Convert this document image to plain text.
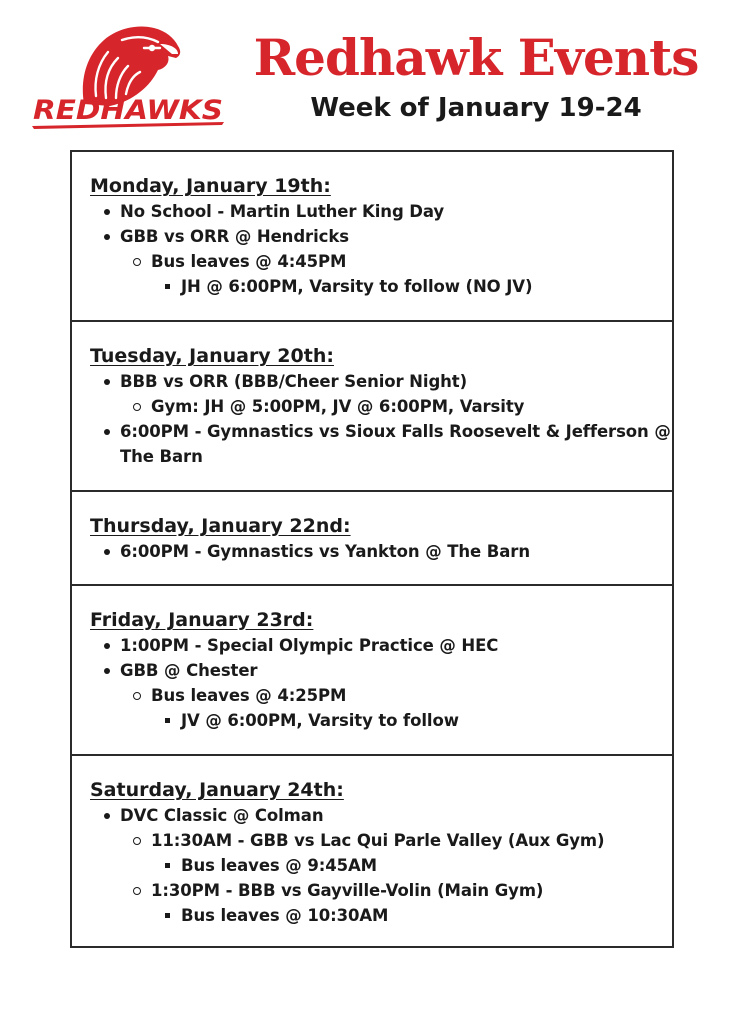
REDHAWKS
Redhawk Events
Week of January 19-24
Monday, January 19th:
No School - Martin Luther King Day
GBB vs ORR @ Hendricks
Bus leaves @ 4:45PM
JH @ 6:00PM, Varsity to follow (NO JV)
Tuesday, January 20th:
BBB vs ORR (BBB/Cheer Senior Night)
Gym: JH @ 5:00PM, JV @ 6:00PM, Varsity
6:00PM - Gymnastics vs Sioux Falls Roosevelt & Jefferson @
The Barn
Thursday, January 22nd:
6:00PM - Gymnastics vs Yankton @ The Barn
Friday, January 23rd:
1:00PM - Special Olympic Practice @ HEC
GBB @ Chester
Bus leaves @ 4:25PM
JV @ 6:00PM, Varsity to follow
Saturday, January 24th:
DVC Classic @ Colman
11:30AM - GBB vs Lac Qui Parle Valley (Aux Gym)
Bus leaves @ 9:45AM
1:30PM - BBB vs Gayville-Volin (Main Gym)
Bus leaves @ 10:30AM
